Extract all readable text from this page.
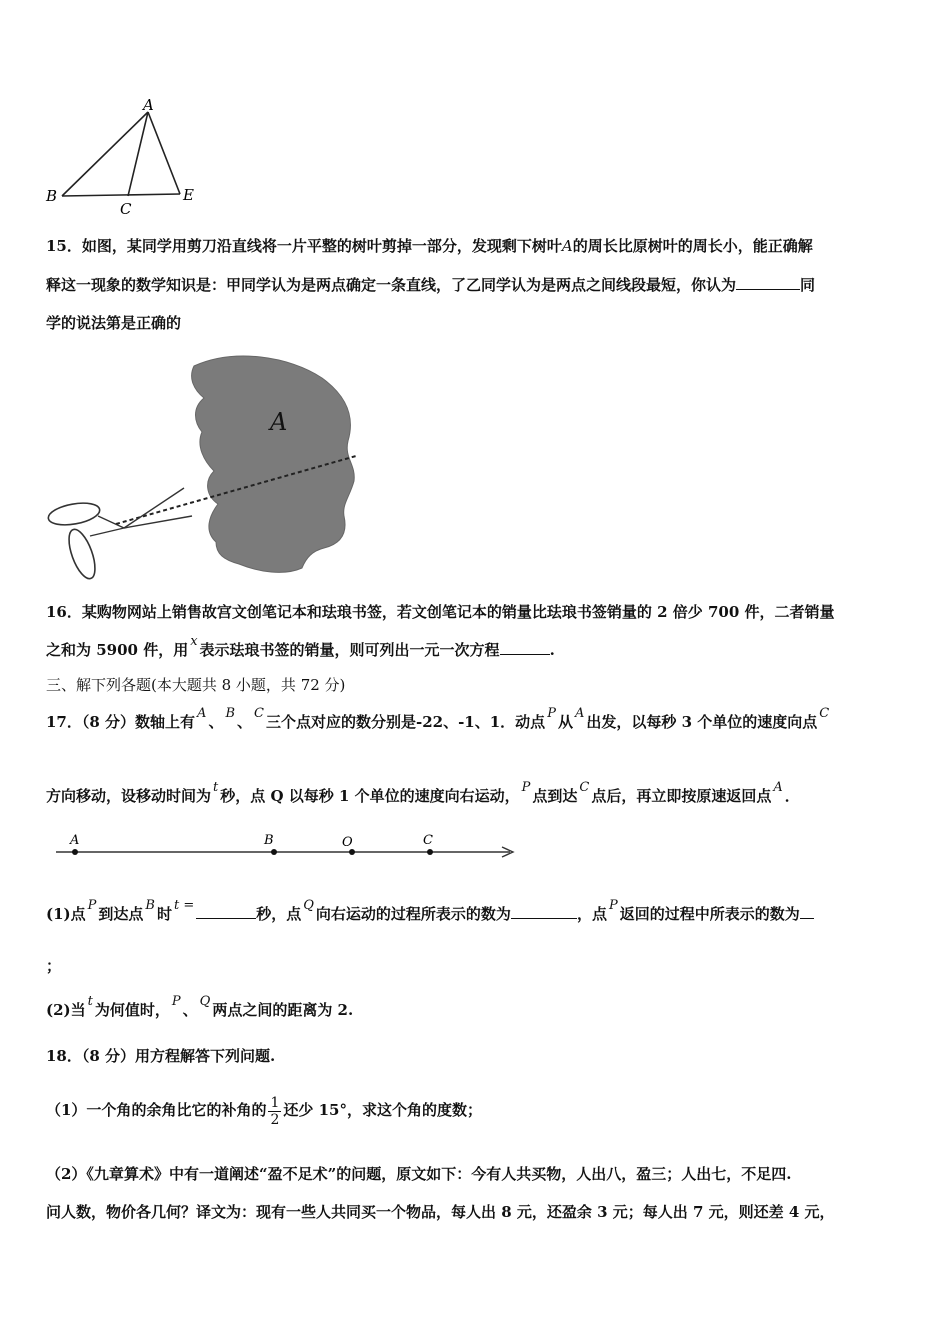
A
B
C
E
15．如图，某同学用剪刀沿直线将一片平整的树叶剪掉一部分，发现剩下树叶A的周长比原树叶的周长小，能正确解
释这一现象的数学知识是：甲同学认为是两点确定一条直线，了乙同学认为是两点之间线段最短，你认为	同
学的说法第是正确的
A
16．某购物网站上销售故宫文创笔记本和珐琅书签，若文创笔记本的销量比珐琅书签销量的 2 倍少 700 件，二者销量
之和为 5900 件，用 x 表示珐琅书签的销量，则可列出一元一次方程	.
三、解下列各题(本大题共 8 小题，共 72 分)
17．（8 分）数轴上有 A 、 B 、 C 三个点对应的数分别是-22、-1、1．动点 P 从 A 出发，以每秒 3 个单位的速度向点 C
方向移动，设移动时间为 t 秒，点 Q 以每秒 1 个单位的速度向右运动， P 点到达 C 点后，再立即按原速返回点 A ．
A	B	O	C
(1)点 P 到达点 B 时 t =	秒，点 Q 向右运动的过程所表示的数为	，点 P 返回的过程中所表示的数为
；
(2)当 t 为何值时， P 、 Q 两点之间的距离为 2.
18．（8 分）用方程解答下列问题.
（1）一个角的余角比它的补角的 $\frac{1}{2}$ 还少 15°，求这个角的度数；
（2）《九章算术》中有一道阐述“盈不足术”的问题，原文如下：今有人共买物，人出八，盈三；人出七，不足四.
问人数，物价各几何？译文为：现有一些人共同买一个物品，每人出 8 元，还盈余 3 元；每人出 7 元，则还差 4 元，
